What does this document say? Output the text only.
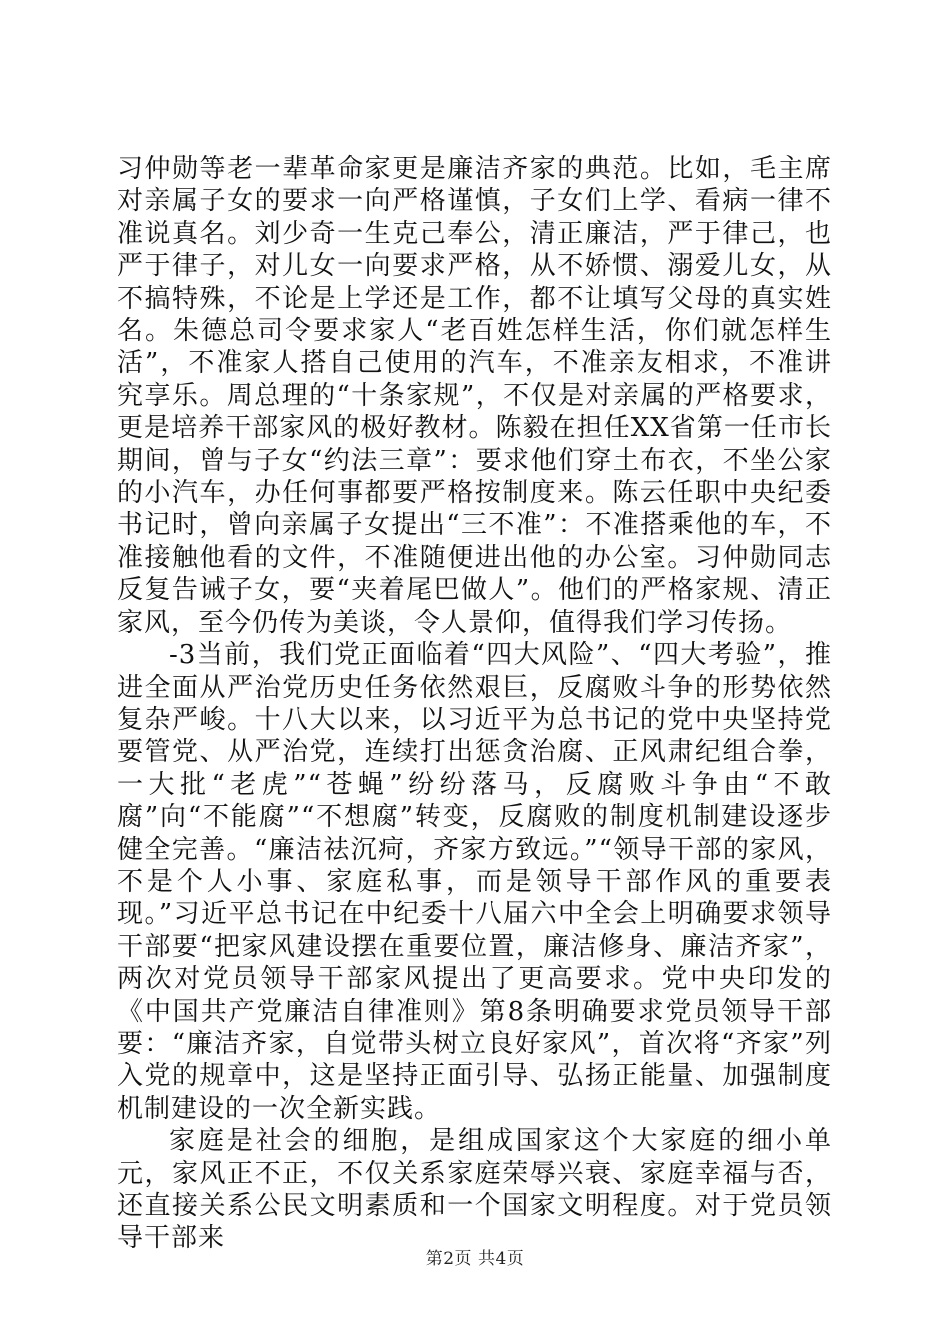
习仲勋等老一辈革命家更是廉洁齐家的典范。比如，毛主席对亲属子女的要求一向严格谨慎，子女们上学、看病一律不准说真名。刘少奇一生克己奉公，清正廉洁，严于律己，也严于律子，对儿女一向要求严格，从不娇惯、溺爱儿女，从不搞特殊，不论是上学还是工作，都不让填写父母的真实姓名。朱德总司令要求家人“老百姓怎样生活，你们就怎样生活”，不准家人搭自己使用的汽车，不准亲友相求，不准讲究享乐。周总理的“十条家规”，不仅是对亲属的严格要求，更是培养干部家风的极好教材。陈毅在担任XX省第一任市长期间，曾与子女“约法三章”：要求他们穿土布衣，不坐公家的小汽车，办任何事都要严格按制度来。陈云任职中央纪委书记时，曾向亲属子女提出“三不准”：不准搭乘他的车，不准接触他看的文件，不准随便进出他的办公室。习仲勋同志反复告诫子女，要“夹着尾巴做人”。他们的严格家规、清正家风，至今仍传为美谈，令人景仰，值得我们学习传扬。

-3当前，我们党正面临着“四大风险”、“四大考验”，推进全面从严治党历史任务依然艰巨，反腐败斗争的形势依然复杂严峻。十八大以来，以习近平为总书记的党中央坚持党要管党、从严治党，连续打出惩贪治腐、正风肃纪组合拳，一大批“老虎”“苍蝇”纷纷落马，反腐败斗争由“不敢腐”向“不能腐”“不想腐”转变，反腐败的制度机制建设逐步健全完善。“廉洁祛沉疴，齐家方致远。”“领导干部的家风，不是个人小事、家庭私事，而是领导干部作风的重要表现。”习近平总书记在中纪委十八届六中全会上明确要求领导干部要“把家风建设摆在重要位置，廉洁修身、廉洁齐家”，两次对党员领导干部家风提出了更高要求。党中央印发的《中国共产党廉洁自律准则》第8条明确要求党员领导干部要：“廉洁齐家，自觉带头树立良好家风”，首次将“齐家”列入党的规章中，这是坚持正面引导、弘扬正能量、加强制度机制建设的一次全新实践。

家庭是社会的细胞，是组成国家这个大家庭的细小单元，家风正不正，不仅关系家庭荣辱兴衰、家庭幸福与否，还直接关系公民文明素质和一个国家文明程度。对于党员领导干部来

第2页 共4页
